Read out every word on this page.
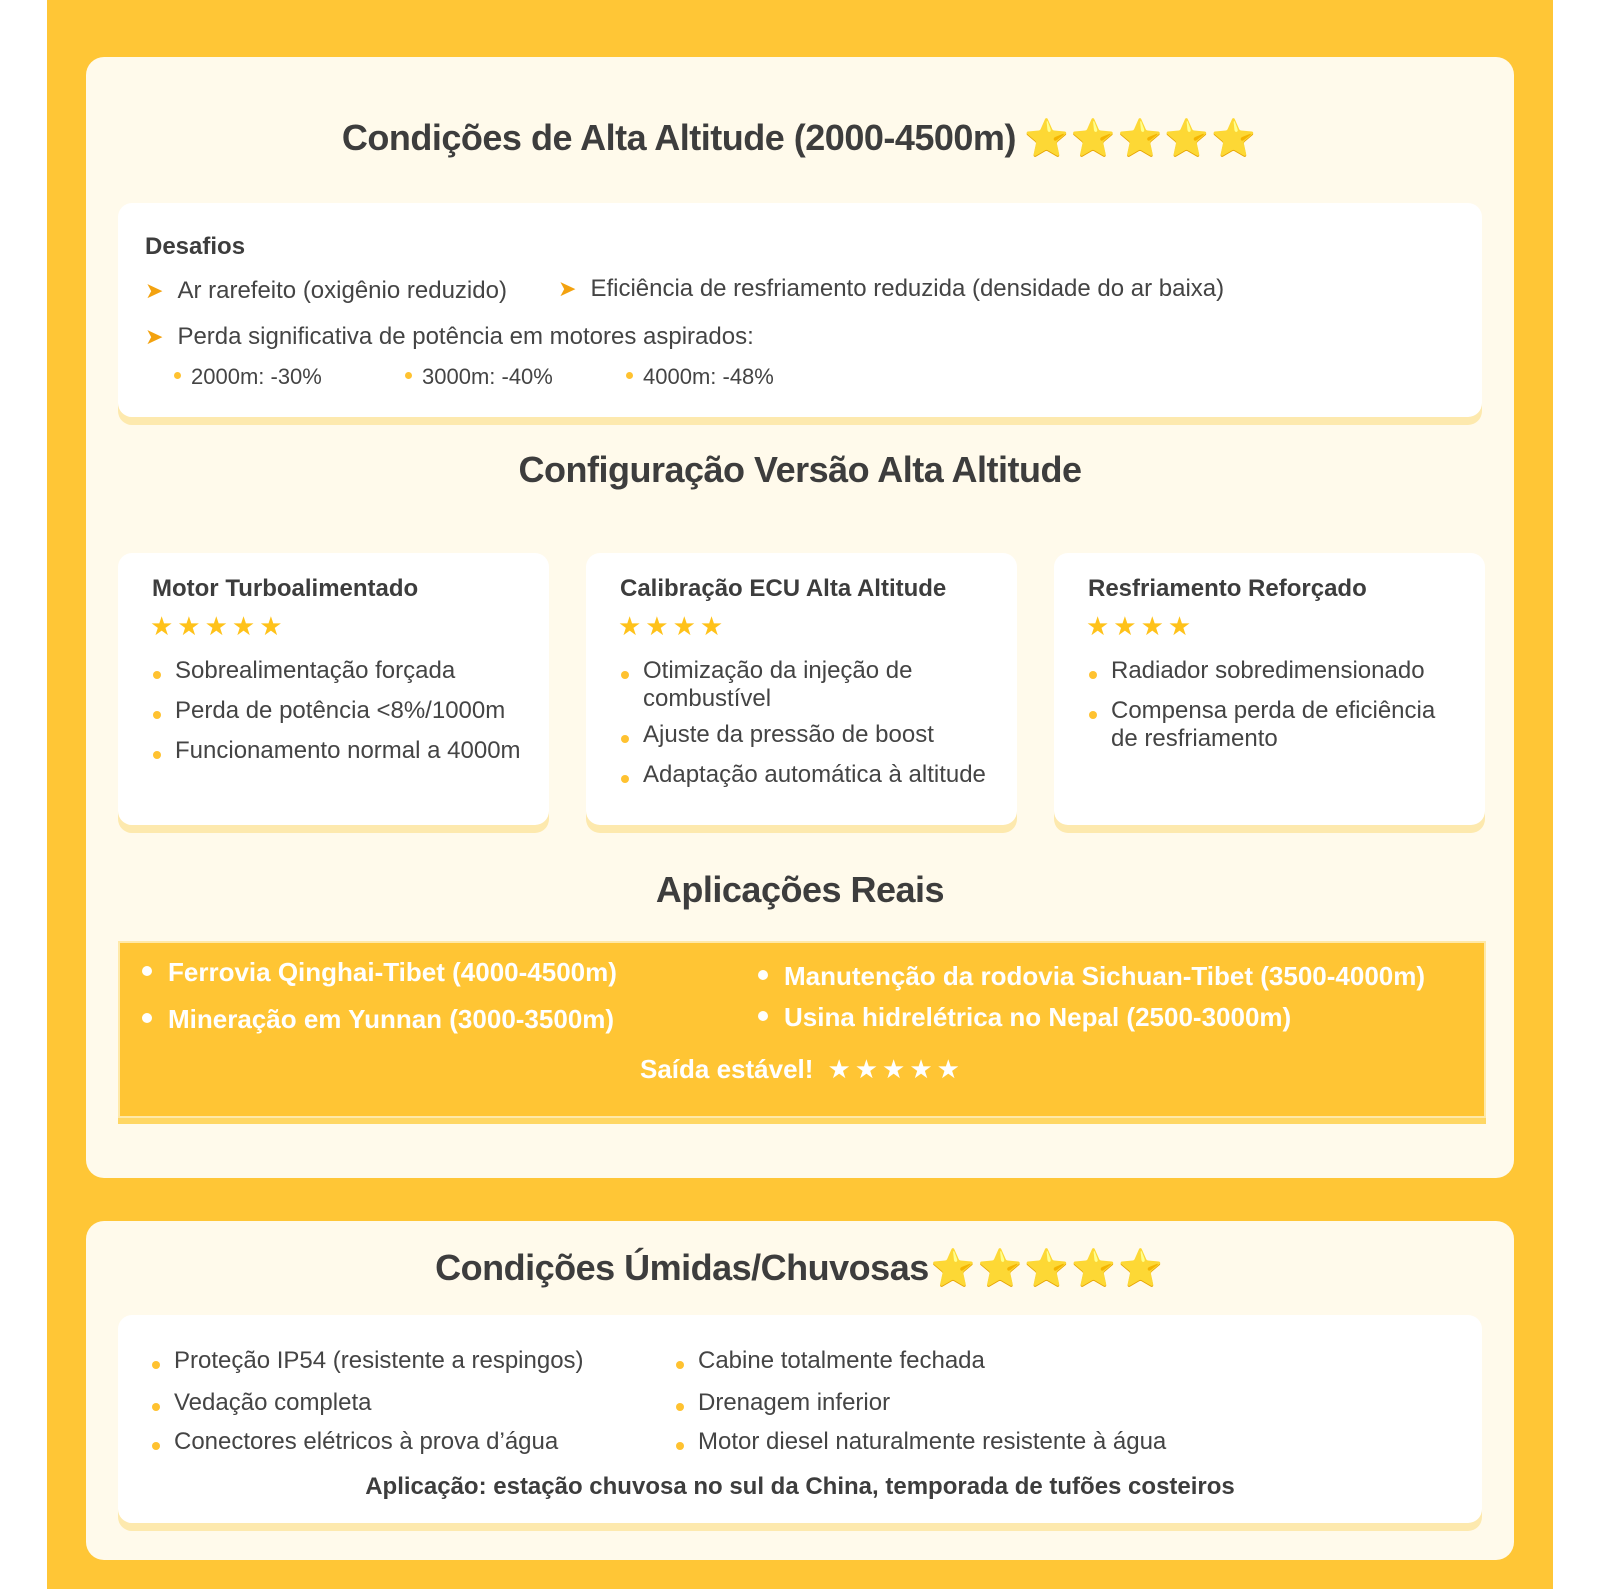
Condições de Alta Altitude (2000-4500m) ⭐⭐⭐⭐⭐
Desafios
➤ Ar rarefeito (oxigênio reduzido) ➤ Eficiência de resfriamento reduzida (densidade do ar baixa)
➤ Perda significativa de potência em motores aspirados:
2000m: -30%	3000m: -40%	4000m: -48%
Configuração Versão Alta Altitude
Motor Turboalimentado
★★★★★
Sobrealimentação forçada
Perda de potência <8%/1000m
Funcionamento normal a 4000m
Calibração ECU Alta Altitude
★★★★
Otimização da injeção de combustível
Ajuste da pressão de boost
Adaptação automática à altitude
Resfriamento Reforçado
★★★★
Radiador sobredimensionado
Compensa perda de eficiência de resfriamento
Aplicações Reais
Ferrovia Qinghai-Tibet (4000-4500m)	Manutenção da rodovia Sichuan-Tibet (3500-4000m)
Mineração em Yunnan (3000-3500m)	Usina hidrelétrica no Nepal (2500-3000m)
Saída estável! ★★★★★
Condições Úmidas/Chuvosas⭐⭐⭐⭐⭐
Proteção IP54 (resistente a respingos)
Vedação completa
Conectores elétricos à prova d’água
Cabine totalmente fechada
Drenagem inferior
Motor diesel naturalmente resistente à água
Aplicação: estação chuvosa no sul da China, temporada de tufões costeiros
